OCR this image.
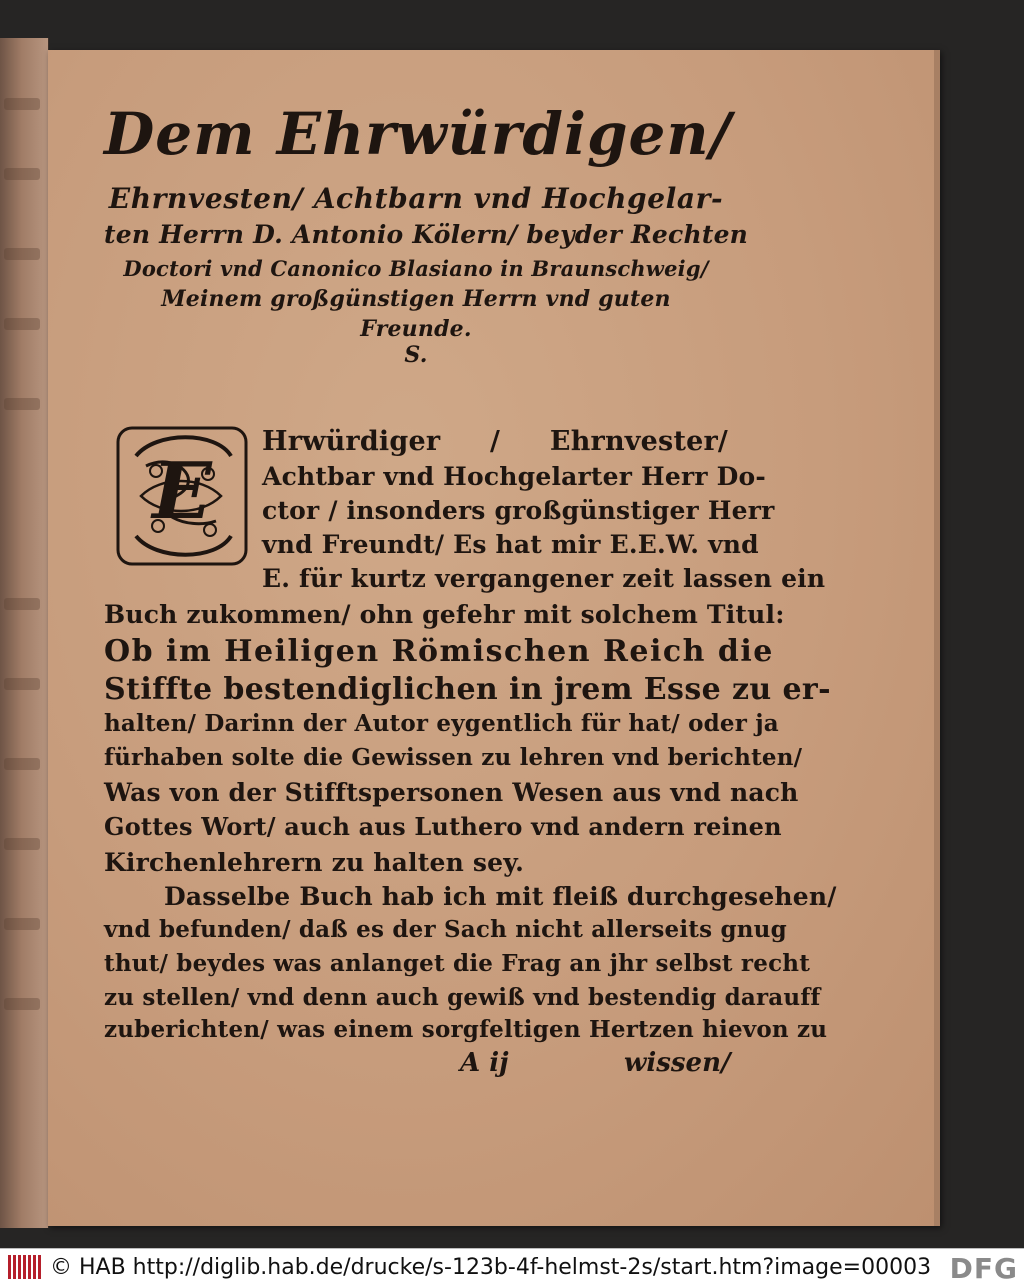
Dem Ehrwürdigen/
Ehrnvesten/ Achtbarn vnd Hochgelar-
ten Herrn D. Antonio Kölern/ beyder Rechten
Doctori vnd Canonico Blasiano in Braunschweig/
Meinem großgünstigen Herrn vnd guten
Freunde.
S.
E
Hrwürdiger / Ehrnvester/
Achtbar vnd Hochgelarter Herr Do-
ctor / insonders großgünstiger Herr
vnd Freundt/ Es hat mir E.E.W. vnd
E. für kurtz vergangener zeit lassen ein
Buch zukommen/ ohn gefehr mit solchem Titul:
Ob im Heiligen Römischen Reich die
Stiffte bestendiglichen in jrem Esse zu er-
halten/ Darinn der Autor eygentlich für hat/ oder ja
fürhaben solte die Gewissen zu lehren vnd berichten/
Was von der Stifftspersonen Wesen aus vnd nach
Gottes Wort/ auch aus Luthero vnd andern reinen
Kirchenlehrern zu halten sey.
Dasselbe Buch hab ich mit fleiß durchgesehen/
vnd befunden/ daß es der Sach nicht allerseits gnug
thut/ beydes was anlanget die Frag an jhr selbst recht
zu stellen/ vnd denn auch gewiß vnd bestendig darauff
zuberichten/ was einem sorgfeltigen Hertzen hievon zu
A ij	wissen/
© HAB http://diglib.hab.de/drucke/s-123b-4f-helmst-2s/start.htm?image=00003 DFG
